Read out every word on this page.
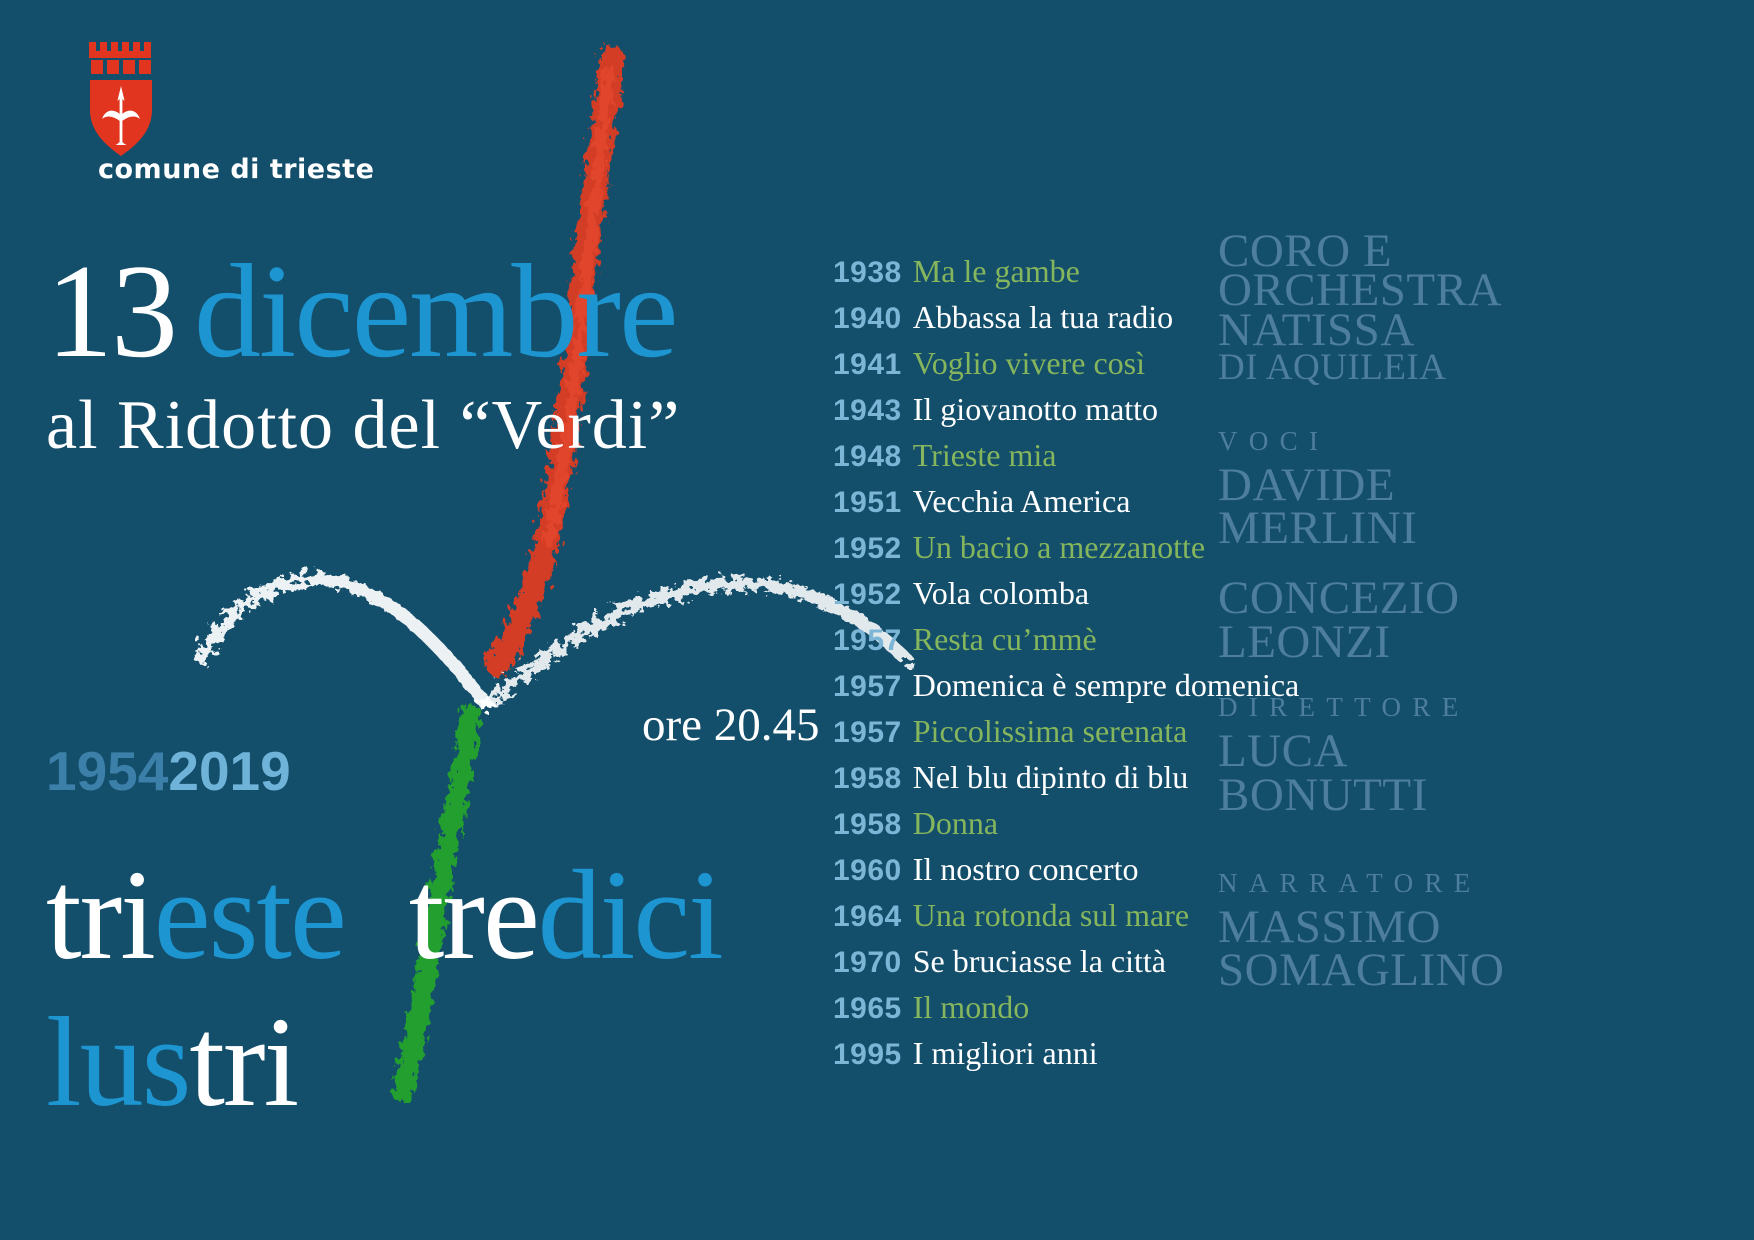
comune di trieste
13 dicembre
al Ridotto del “Verdi”
ore 20.45
19542019
trieste tredici
lustri
1938 Ma le gambe
1940 Abbassa la tua radio
1941 Voglio vivere così
1943 Il giovanotto matto
1948 Trieste mia
1951 Vecchia America
1952 Un bacio a mezzanotte
1952 Vola colomba
1957 Resta cu’mmè
1957 Domenica è sempre domenica
1957 Piccolissima serenata
1958 Nel blu dipinto di blu
1958 Donna
1960 Il nostro concerto
1964 Una rotonda sul mare
1970 Se bruciasse la città
1965 Il mondo
1995 I migliori anni
CORO E
ORCHESTRA
NATISSA
DI AQUILEIA
VOCI
DAVIDE
MERLINI
CONCEZIO
LEONZI
DIRETTORE
LUCA
BONUTTI
NARRATORE
MASSIMO
SOMAGLINO
